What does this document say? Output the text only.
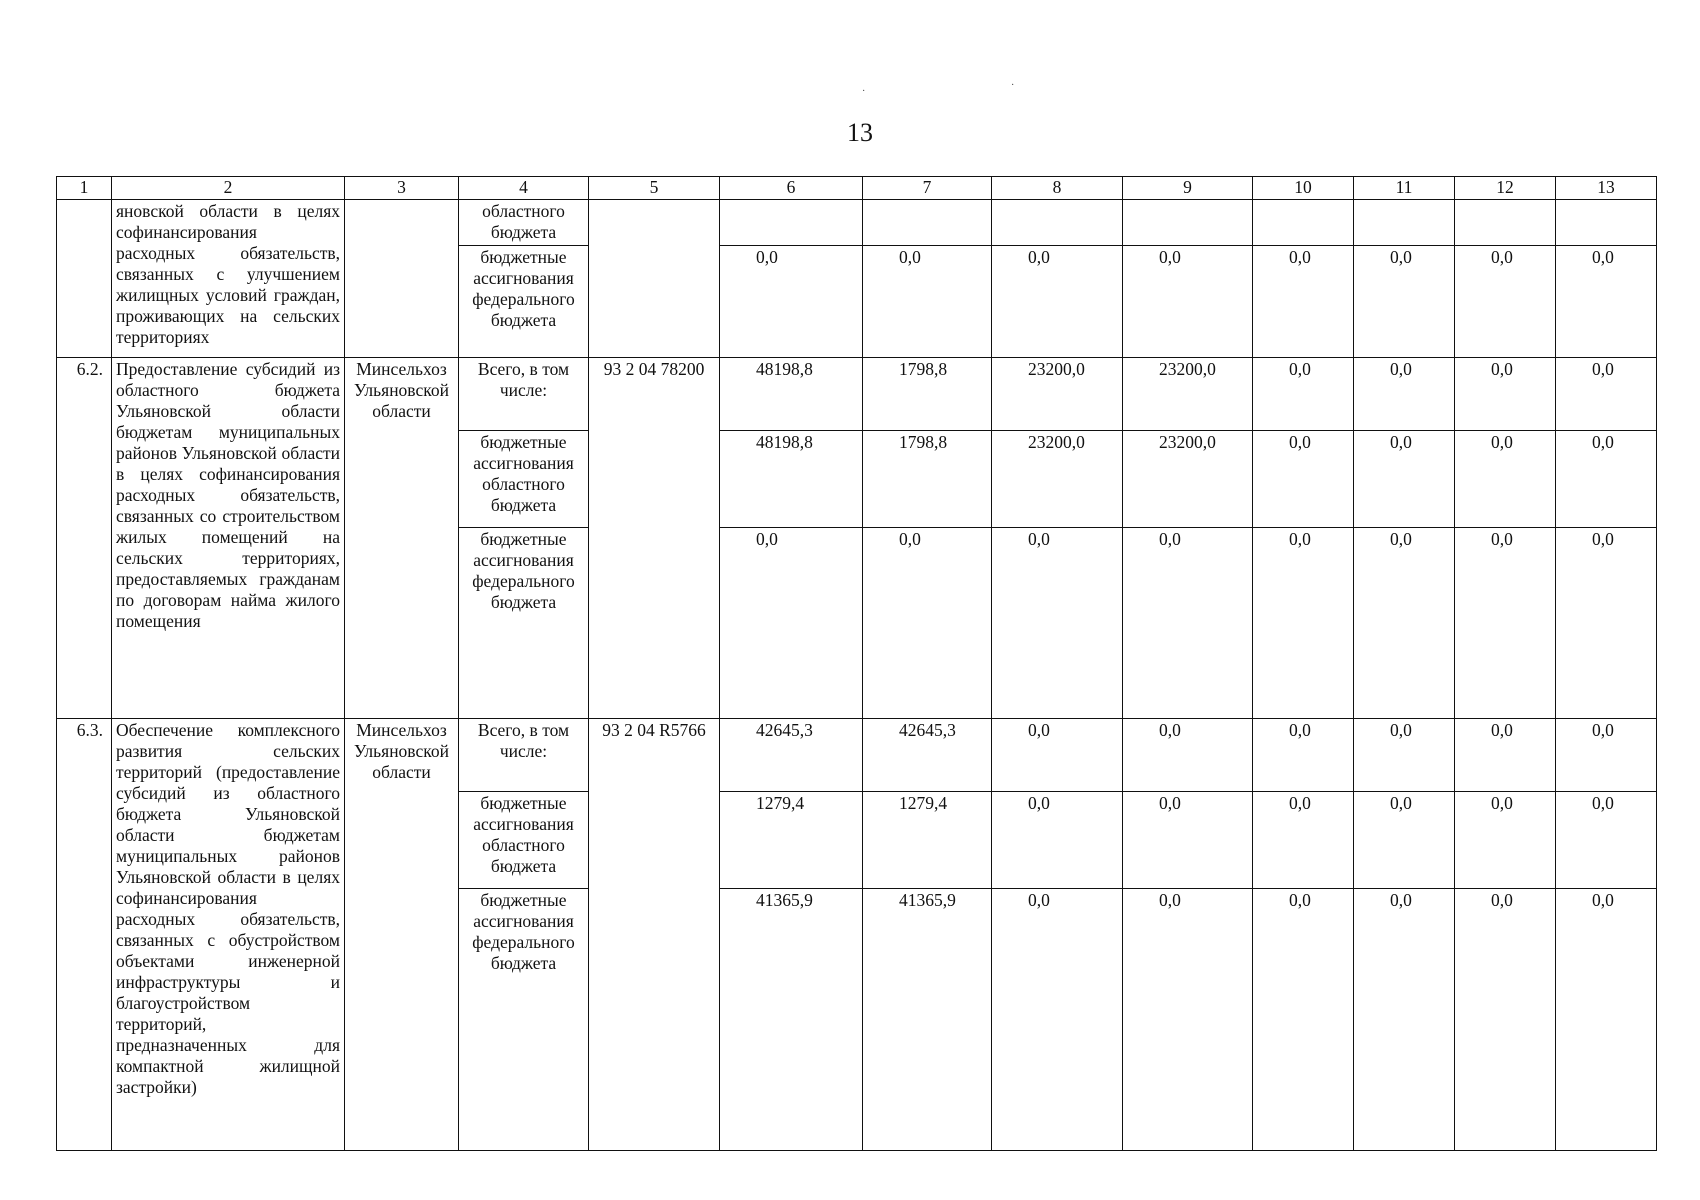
·
·
13
1	2	3	4	5	6	7	8	9	10	11	12	13
	яновской области в целях софинансирования расходных обязательств, связанных с улучшением жилищных условий граждан, проживающих на сельских территориях		областного бюджета									
			бюджетные ассигнования федерального бюджета		0,0	0,0	0,0	0,0	0,0	0,0	0,0	0,0
6.2.	Предоставление субсидий из областного бюджета Ульяновской области бюджетам муниципальных районов Ульяновской области в целях софинансирования расходных обязательств, связанных со строительством жилых помещений на сельских территориях, предоставляемых гражданам по договорам найма жилого помещения	Минсельхоз Ульяновской области	Всего, в том числе:	93 2 04 78200	48198,8	1798,8	23200,0	23200,0	0,0	0,0	0,0	0,0
			бюджетные ассигнования областного бюджета		48198,8	1798,8	23200,0	23200,0	0,0	0,0	0,0	0,0
			бюджетные ассигнования федерального бюджета		0,0	0,0	0,0	0,0	0,0	0,0	0,0	0,0
6.3.	Обеспечение комплексного развития сельских территорий (предоставление субсидий из областного бюджета Ульяновской области бюджетам муниципальных районов Ульяновской области в целях софинансирования расходных обязательств, связанных с обустройством объектами инженерной инфраструктуры и благоустройством территорий, предназначенных для компактной жилищной застройки)	Минсельхоз Ульяновской области	Всего, в том числе:	93 2 04 R5766	42645,3	42645,3	0,0	0,0	0,0	0,0	0,0	0,0
			бюджетные ассигнования областного бюджета		1279,4	1279,4	0,0	0,0	0,0	0,0	0,0	0,0
			бюджетные ассигнования федерального бюджета		41365,9	41365,9	0,0	0,0	0,0	0,0	0,0	0,0
